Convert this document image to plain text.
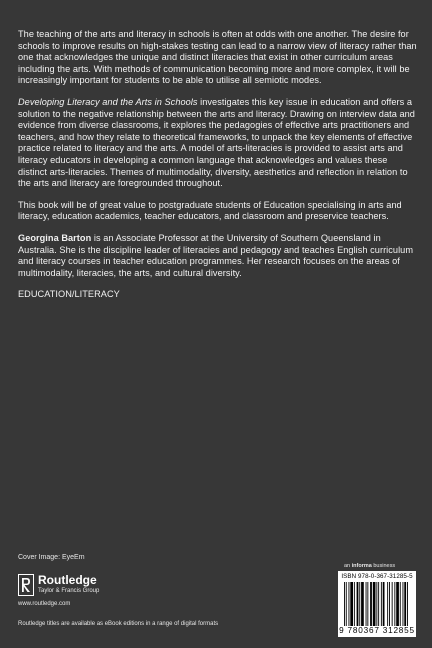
The teaching of the arts and literacy in schools is often at odds with one another. The desire for schools to improve results on high-stakes testing can lead to a narrow view of literacy rather than one that acknowledges the unique and distinct literacies that exist in other curriculum areas including the arts. With methods of communication becoming more and more complex, it will be increasingly important for students to be able to utilise all semiotic modes.

Developing Literacy and the Arts in Schools investigates this key issue in education and offers a solution to the negative relationship between the arts and literacy. Drawing on interview data and evidence from diverse classrooms, it explores the pedagogies of effective arts practitioners and teachers, and how they relate to theoretical frameworks, to unpack the key elements of effective practice related to literacy and the arts. A model of arts-literacies is provided to assist arts and literacy educators in developing a common language that acknowledges and values these distinct arts-literacies. Themes of multimodality, diversity, aesthetics and reflection in relation to the arts and literacy are foregrounded throughout.

This book will be of great value to postgraduate students of Education specialising in arts and literacy, education academics, teacher educators, and classroom and preservice teachers.

Georgina Barton is an Associate Professor at the University of Southern Queensland in Australia. She is the discipline leader of literacies and pedagogy and teaches English curriculum and literacy courses in teacher education programmes. Her research focuses on the areas of multimodality, literacies, the arts, and cultural diversity.

EDUCATION/LITERACY

Cover Image: EyeEm
Routledge
Taylor & Francis Group
www.routledge.com
Routledge titles are available as eBook editions in a range of digital formats
an informa business
ISBN 978-0-367-31285-5
9 780367 312855
